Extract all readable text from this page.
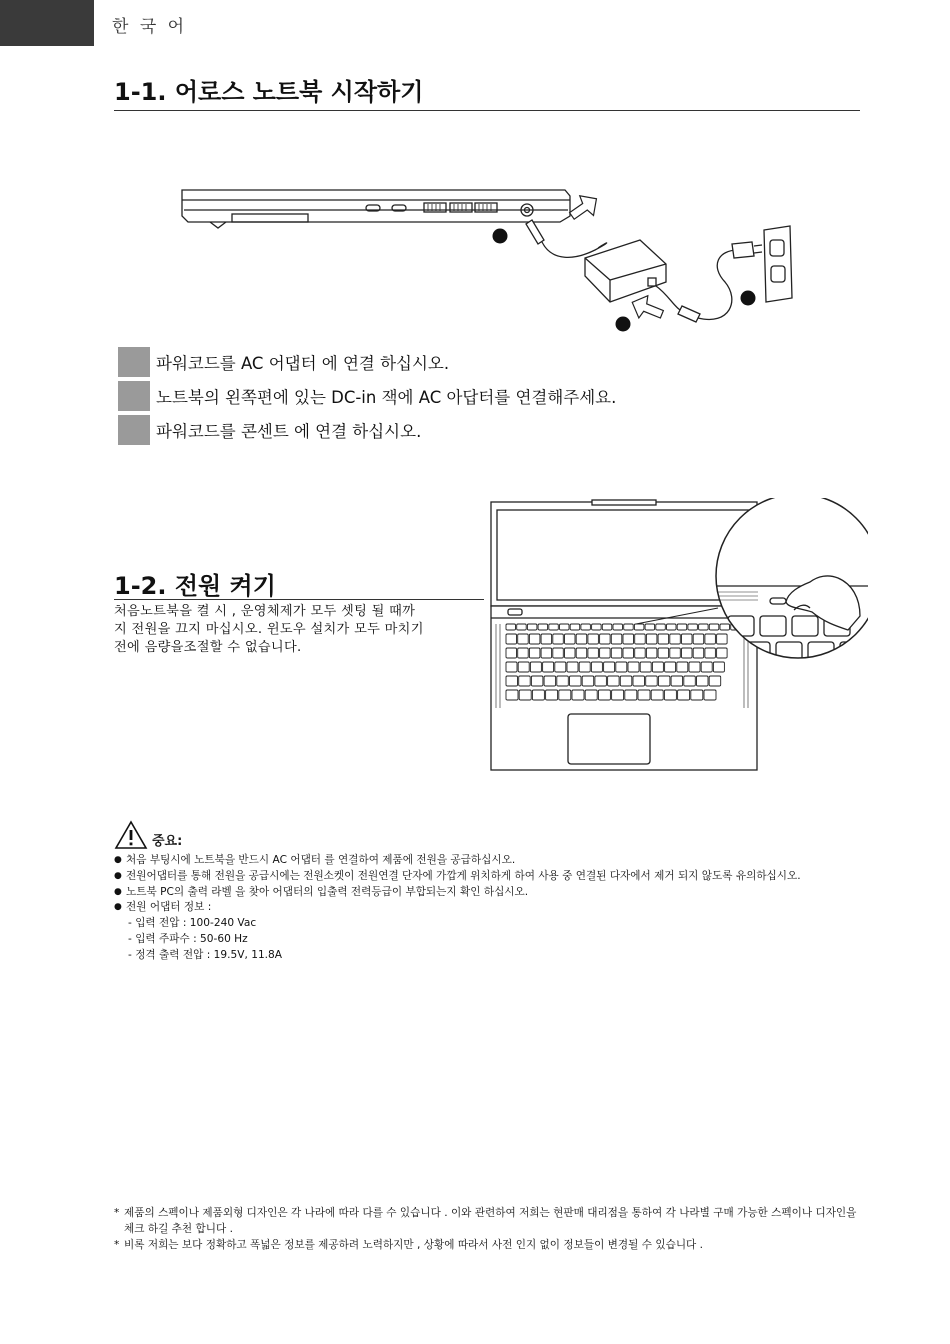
한 국 어
1-1. 어로스 노트북 시작하기
파워코드를 AC 어댑터 에 연결 하십시오.
노트북의 왼쪽편에 있는 DC-in 잭에 AC 아답터를 연결해주세요.
파워코드를 콘센트 에 연결 하십시오.
1-2. 전원 켜기
처음노트북을 켤 시 , 운영체제가 모두 셋팅 될 때까
지 전원을 끄지 마십시오. 윈도우 설치가 모두 마치기
전에 음량을조절할 수 없습니다.
중요:
● 처음 부팅시에 노트북을 반드시 AC 어댑터 를 연결하여 제품에 전원을 공급하십시오.
● 전원어댑터를 통해 전원을 공급시에는 전원소켓이 전원연결 단자에 가깝게 위치하게 하여 사용 중 연결된 다자에서 제거 되지 않도록 유의하십시오.
● 노트북 PC의 출력 라벨 을 찾아 어댑터의 입출력 전력등급이 부합되는지 확인 하십시오.
● 전원 어댑터 정보 :
- 입력 전압 : 100-240 Vac
- 입력 주파수 : 50-60 Hz
- 정격 출력 전압 : 19.5V, 11.8A
* 제품의 스펙이나 제품외형 디자인은 각 나라에 따라 다를 수 있습니다 . 이와 관련하여 저희는 현판매 대리점을 통하여 각 나라별 구매 가능한 스펙이나 디자인을 체크 하길 추천 합니다 .
* 비록 저희는 보다 정확하고 폭넓은 정보를 제공하려 노력하지만 , 상황에 따라서 사전 인지 없이 정보들이 변경될 수 있습니다 .
